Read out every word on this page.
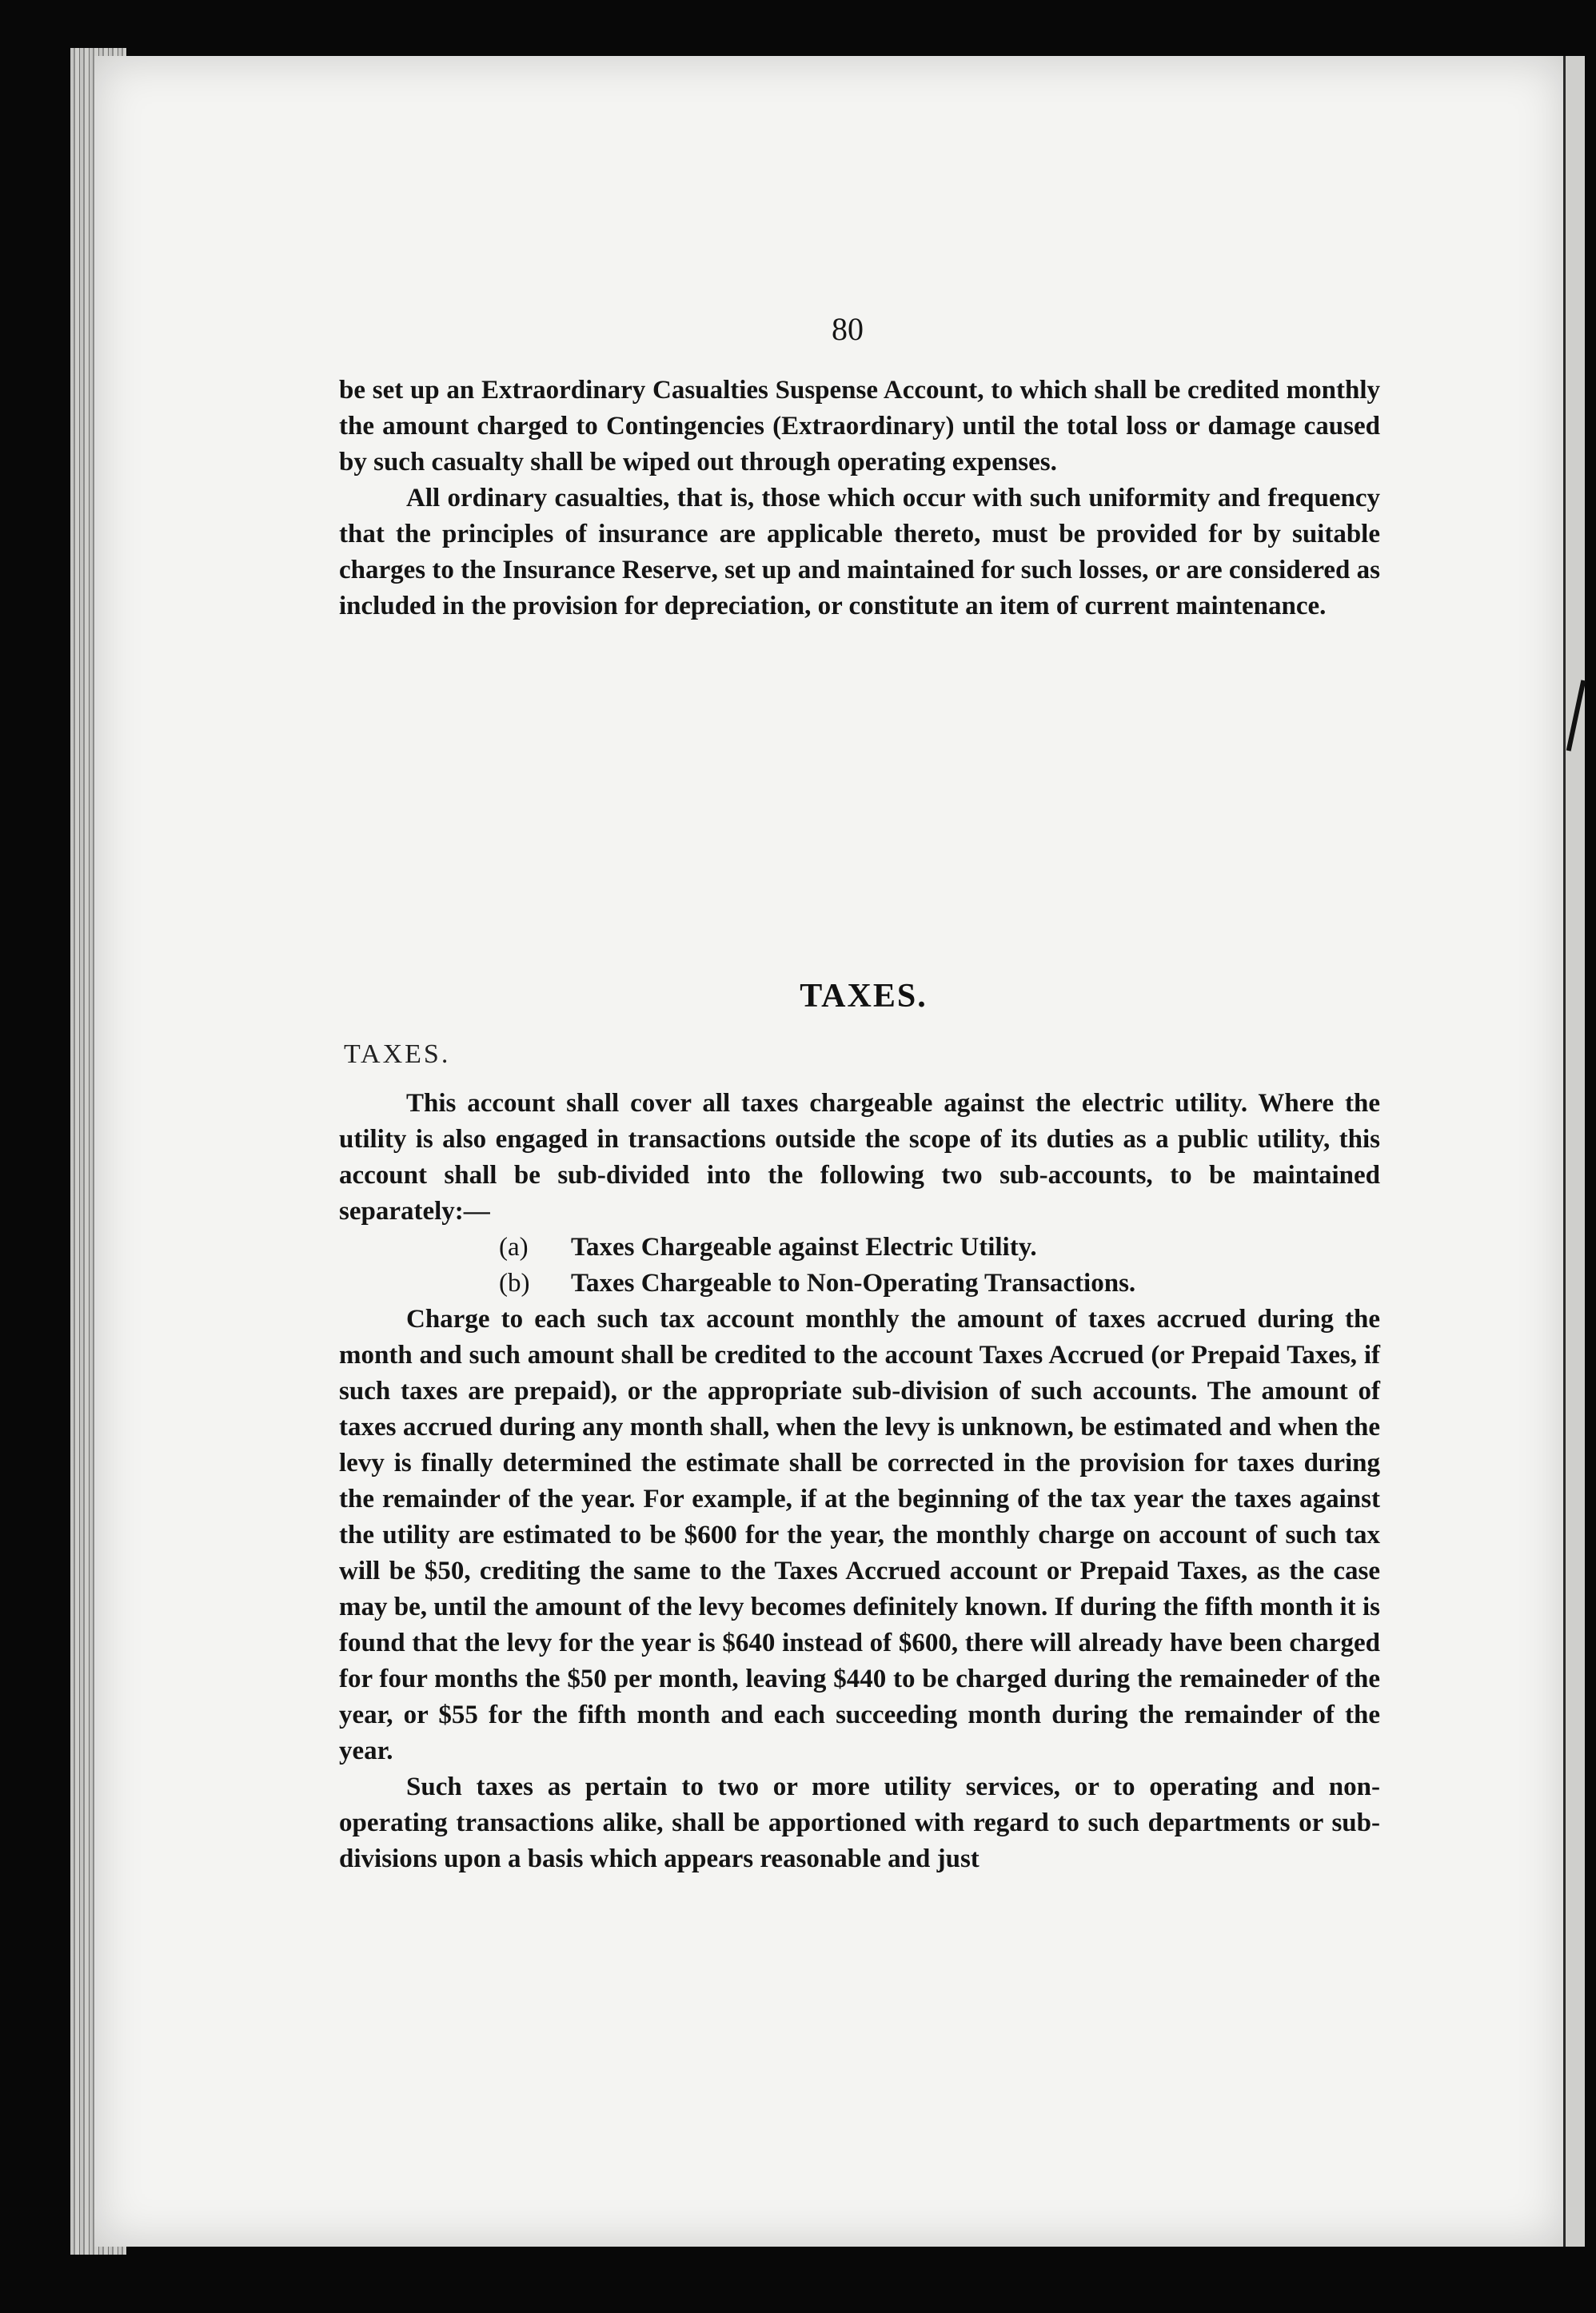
80

be set up an Extraordinary Casualties Suspense Account, to which shall be credited monthly the amount charged to Contingencies (Extraordinary) until the total loss or damage caused by such casualty shall be wiped out through operating expenses.

All ordinary casualties, that is, those which occur with such uniformity and frequency that the principles of insurance are applicable thereto, must be provided for by suitable charges to the Insurance Reserve, set up and maintained for such losses, or are considered as included in the provision for depreciation, or constitute an item of current maintenance.

TAXES.
TAXES.

This account shall cover all taxes chargeable against the electric utility. Where the utility is also engaged in transactions outside the scope of its duties as a public utility, this account shall be sub-divided into the following two sub-accounts, to be maintained separately:—

(a) Taxes Chargeable against Electric Utility.
(b) Taxes Chargeable to Non-Operating Transactions.

Charge to each such tax account monthly the amount of taxes accrued during the month and such amount shall be credited to the account Taxes Accrued (or Prepaid Taxes, if such taxes are prepaid), or the appropriate sub-division of such accounts. The amount of taxes accrued during any month shall, when the levy is unknown, be estimated and when the levy is finally determined the estimate shall be corrected in the provision for taxes during the remainder of the year. For example, if at the beginning of the tax year the taxes against the utility are estimated to be $600 for the year, the monthly charge on account of such tax will be $50, crediting the same to the Taxes Accrued account or Prepaid Taxes, as the case may be, until the amount of the levy becomes definitely known. If during the fifth month it is found that the levy for the year is $640 instead of $600, there will already have been charged for four months the $50 per month, leaving $440 to be charged during the remaineder of the year, or $55 for the fifth month and each succeeding month during the remainder of the year.

Such taxes as pertain to two or more utility services, or to operating and non-operating transactions alike, shall be apportioned with regard to such departments or sub-divisions upon a basis which appears reasonable and just
